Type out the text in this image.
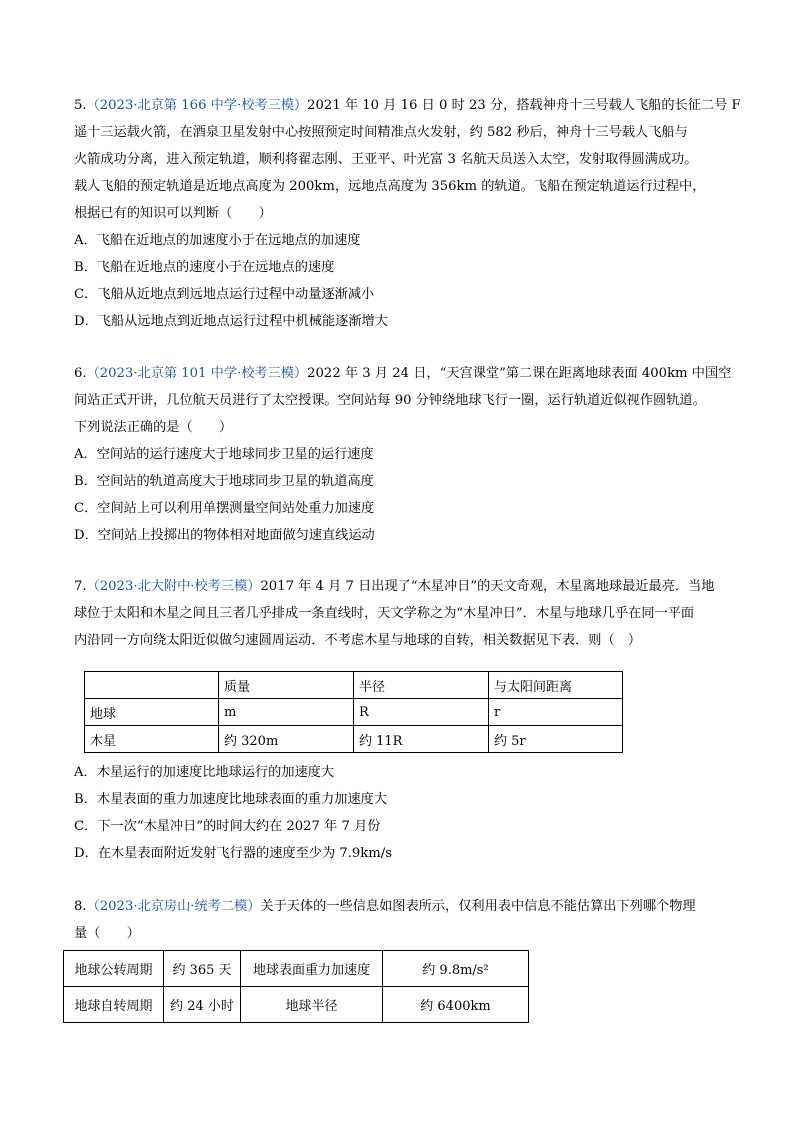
5.（2023·北京第 166 中学·校考三模）2021 年 10 月 16 日 0 时 23 分，搭载神舟十三号载人飞船的长征二号 F
遥十三运载火箭，在酒泉卫星发射中心按照预定时间精准点火发射，约 582 秒后，神舟十三号载人飞船与
火箭成功分离，进入预定轨道，顺利将翟志刚、王亚平、叶光富 3 名航天员送入太空，发射取得圆满成功。
载人飞船的预定轨道是近地点高度为 200km，远地点高度为 356km 的轨道。飞船在预定轨道运行过程中，
根据已有的知识可以判断（　　）
A．飞船在近地点的加速度小于在远地点的加速度
B．飞船在近地点的速度小于在远地点的速度
C．飞船从近地点到远地点运行过程中动量逐渐减小
D．飞船从远地点到近地点运行过程中机械能逐渐增大
6.（2023·北京第 101 中学·校考三模）2022 年 3 月 24 日，“天宫课堂”第二课在距离地球表面 400km 中国空
间站正式开讲，几位航天员进行了太空授课。空间站每 90 分钟绕地球飞行一圈，运行轨道近似视作圆轨道。
下列说法正确的是（　　）
A．空间站的运行速度大于地球同步卫星的运行速度
B．空间站的轨道高度大于地球同步卫星的轨道高度
C．空间站上可以利用单摆测量空间站处重力加速度
D．空间站上投掷出的物体相对地面做匀速直线运动
7.（2023·北大附中·校考三模）2017 年 4 月 7 日出现了“木星冲日”的天文奇观，木星离地球最近最亮．当地
球位于太阳和木星之间且三者几乎排成一条直线时，天文学称之为“木星冲日”．木星与地球几乎在同一平面
内沿同一方向绕太阳近似做匀速圆周运动．不考虑木星与地球的自转，相关数据见下表．则（　）
	质量	半径	与太阳间距离
地球	m	R	r
木星	约 320m	约 11R	约 5r
A．木星运行的加速度比地球运行的加速度大
B．木星表面的重力加速度比地球表面的重力加速度大
C．下一次“木星冲日”的时间大约在 2027 年 7 月份
D．在木星表面附近发射飞行器的速度至少为 7.9km/s
8.（2023·北京房山·统考二模）关于天体的一些信息如图表所示，仅利用表中信息不能估算出下列哪个物理
量（　　）
地球公转周期	约 365 天	地球表面重力加速度	约 9.8m/s²
地球自转周期	约 24 小时	地球半径	约 6400km
